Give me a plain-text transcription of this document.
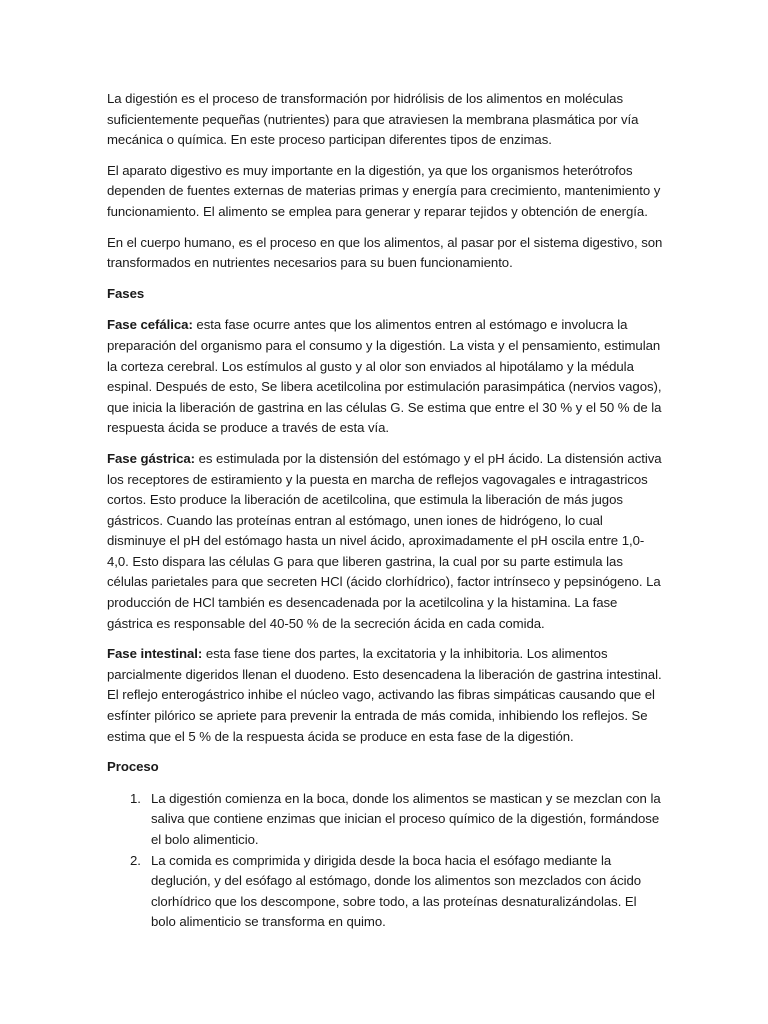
La digestión es el proceso de transformación por hidrólisis de los alimentos en moléculas suficientemente pequeñas (nutrientes) para que atraviesen la membrana plasmática por vía mecánica o química. En este proceso participan diferentes tipos de enzimas.

El aparato digestivo es muy importante en la digestión, ya que los organismos heterótrofos dependen de fuentes externas de materias primas y energía para crecimiento, mantenimiento y funcionamiento. El alimento se emplea para generar y reparar tejidos y obtención de energía.

En el cuerpo humano, es el proceso en que los alimentos, al pasar por el sistema digestivo, son transformados en nutrientes necesarios para su buen funcionamiento.

Fases

Fase cefálica: esta fase ocurre antes que los alimentos entren al estómago e involucra la preparación del organismo para el consumo y la digestión. La vista y el pensamiento, estimulan la corteza cerebral. Los estímulos al gusto y al olor son enviados al hipotálamo y la médula espinal. Después de esto, Se libera acetilcolina por estimulación parasimpática (nervios vagos), que inicia la liberación de gastrina en las células G. Se estima que entre el 30 % y el 50 % de la respuesta ácida se produce a través de esta vía.

Fase gástrica: es estimulada por la distensión del estómago y el pH ácido. La distensión activa los receptores de estiramiento y la puesta en marcha de reflejos vagovagales e intragastricos cortos. Esto produce la liberación de acetilcolina, que estimula la liberación de más jugos gástricos. Cuando las proteínas entran al estómago, unen iones de hidrógeno, lo cual disminuye el pH del estómago hasta un nivel ácido, aproximadamente el pH oscila entre 1,0-4,0. Esto dispara las células G para que liberen gastrina, la cual por su parte estimula las células parietales para que secreten HCl (ácido clorhídrico), factor intrínseco y pepsinógeno. La producción de HCl también es desencadenada por la acetilcolina y la histamina. La fase gástrica es responsable del 40-50 % de la secreción ácida en cada comida.

Fase intestinal: esta fase tiene dos partes, la excitatoria y la inhibitoria. Los alimentos parcialmente digeridos llenan el duodeno. Esto desencadena la liberación de gastrina intestinal. El reflejo enterogástrico inhibe el núcleo vago, activando las fibras simpáticas causando que el esfínter pilórico se apriete para prevenir la entrada de más comida, inhibiendo los reflejos. Se estima que el 5 % de la respuesta ácida se produce en esta fase de la digestión.

Proceso

1. La digestión comienza en la boca, donde los alimentos se mastican y se mezclan con la saliva que contiene enzimas que inician el proceso químico de la digestión, formándose el bolo alimenticio.
2. La comida es comprimida y dirigida desde la boca hacia el esófago mediante la deglución, y del esófago al estómago, donde los alimentos son mezclados con ácido clorhídrico que los descompone, sobre todo, a las proteínas desnaturalizándolas. El bolo alimenticio se transforma en quimo.
